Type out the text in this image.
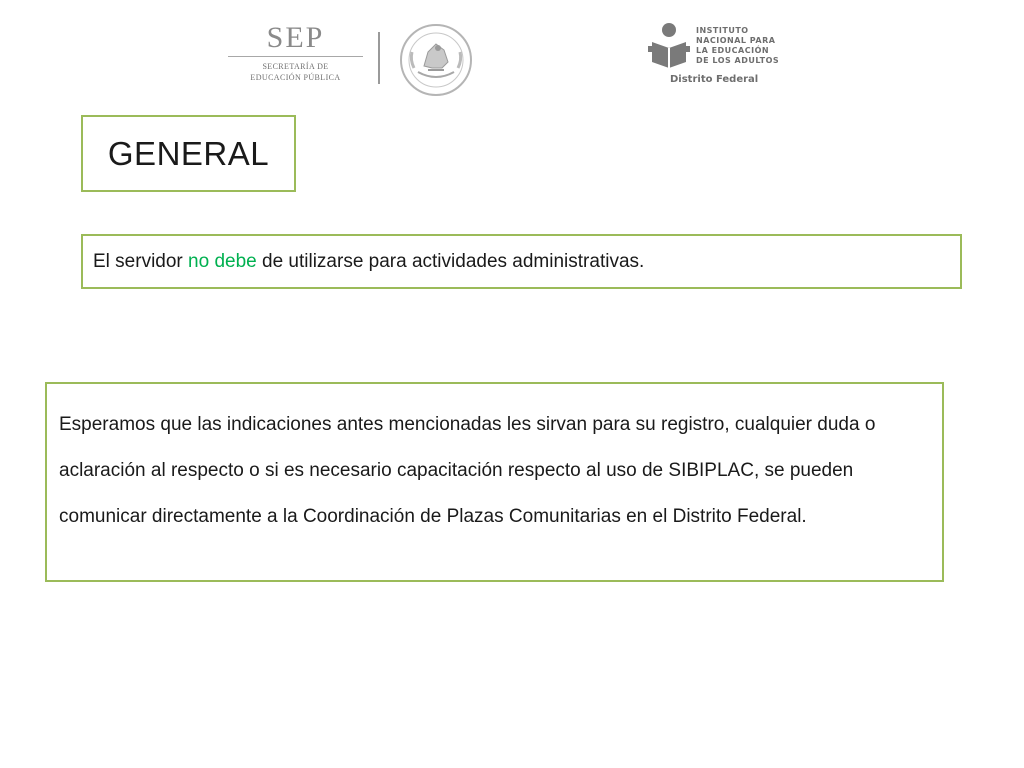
SEP
SECRETARÍA DE
EDUCACIÓN PÚBLICA
INSTITUTO
NACIONAL PARA
LA EDUCACIÓN
DE LOS ADULTOS
Distrito Federal
GENERAL
El servidor no debe de utilizarse para actividades administrativas.

Esperamos que las indicaciones antes mencionadas les sirvan para su registro, cualquier duda o aclaración al respecto o si es necesario capacitación respecto al uso de SIBIPLAC, se pueden comunicar directamente a la Coordinación de Plazas Comunitarias en el Distrito Federal.
